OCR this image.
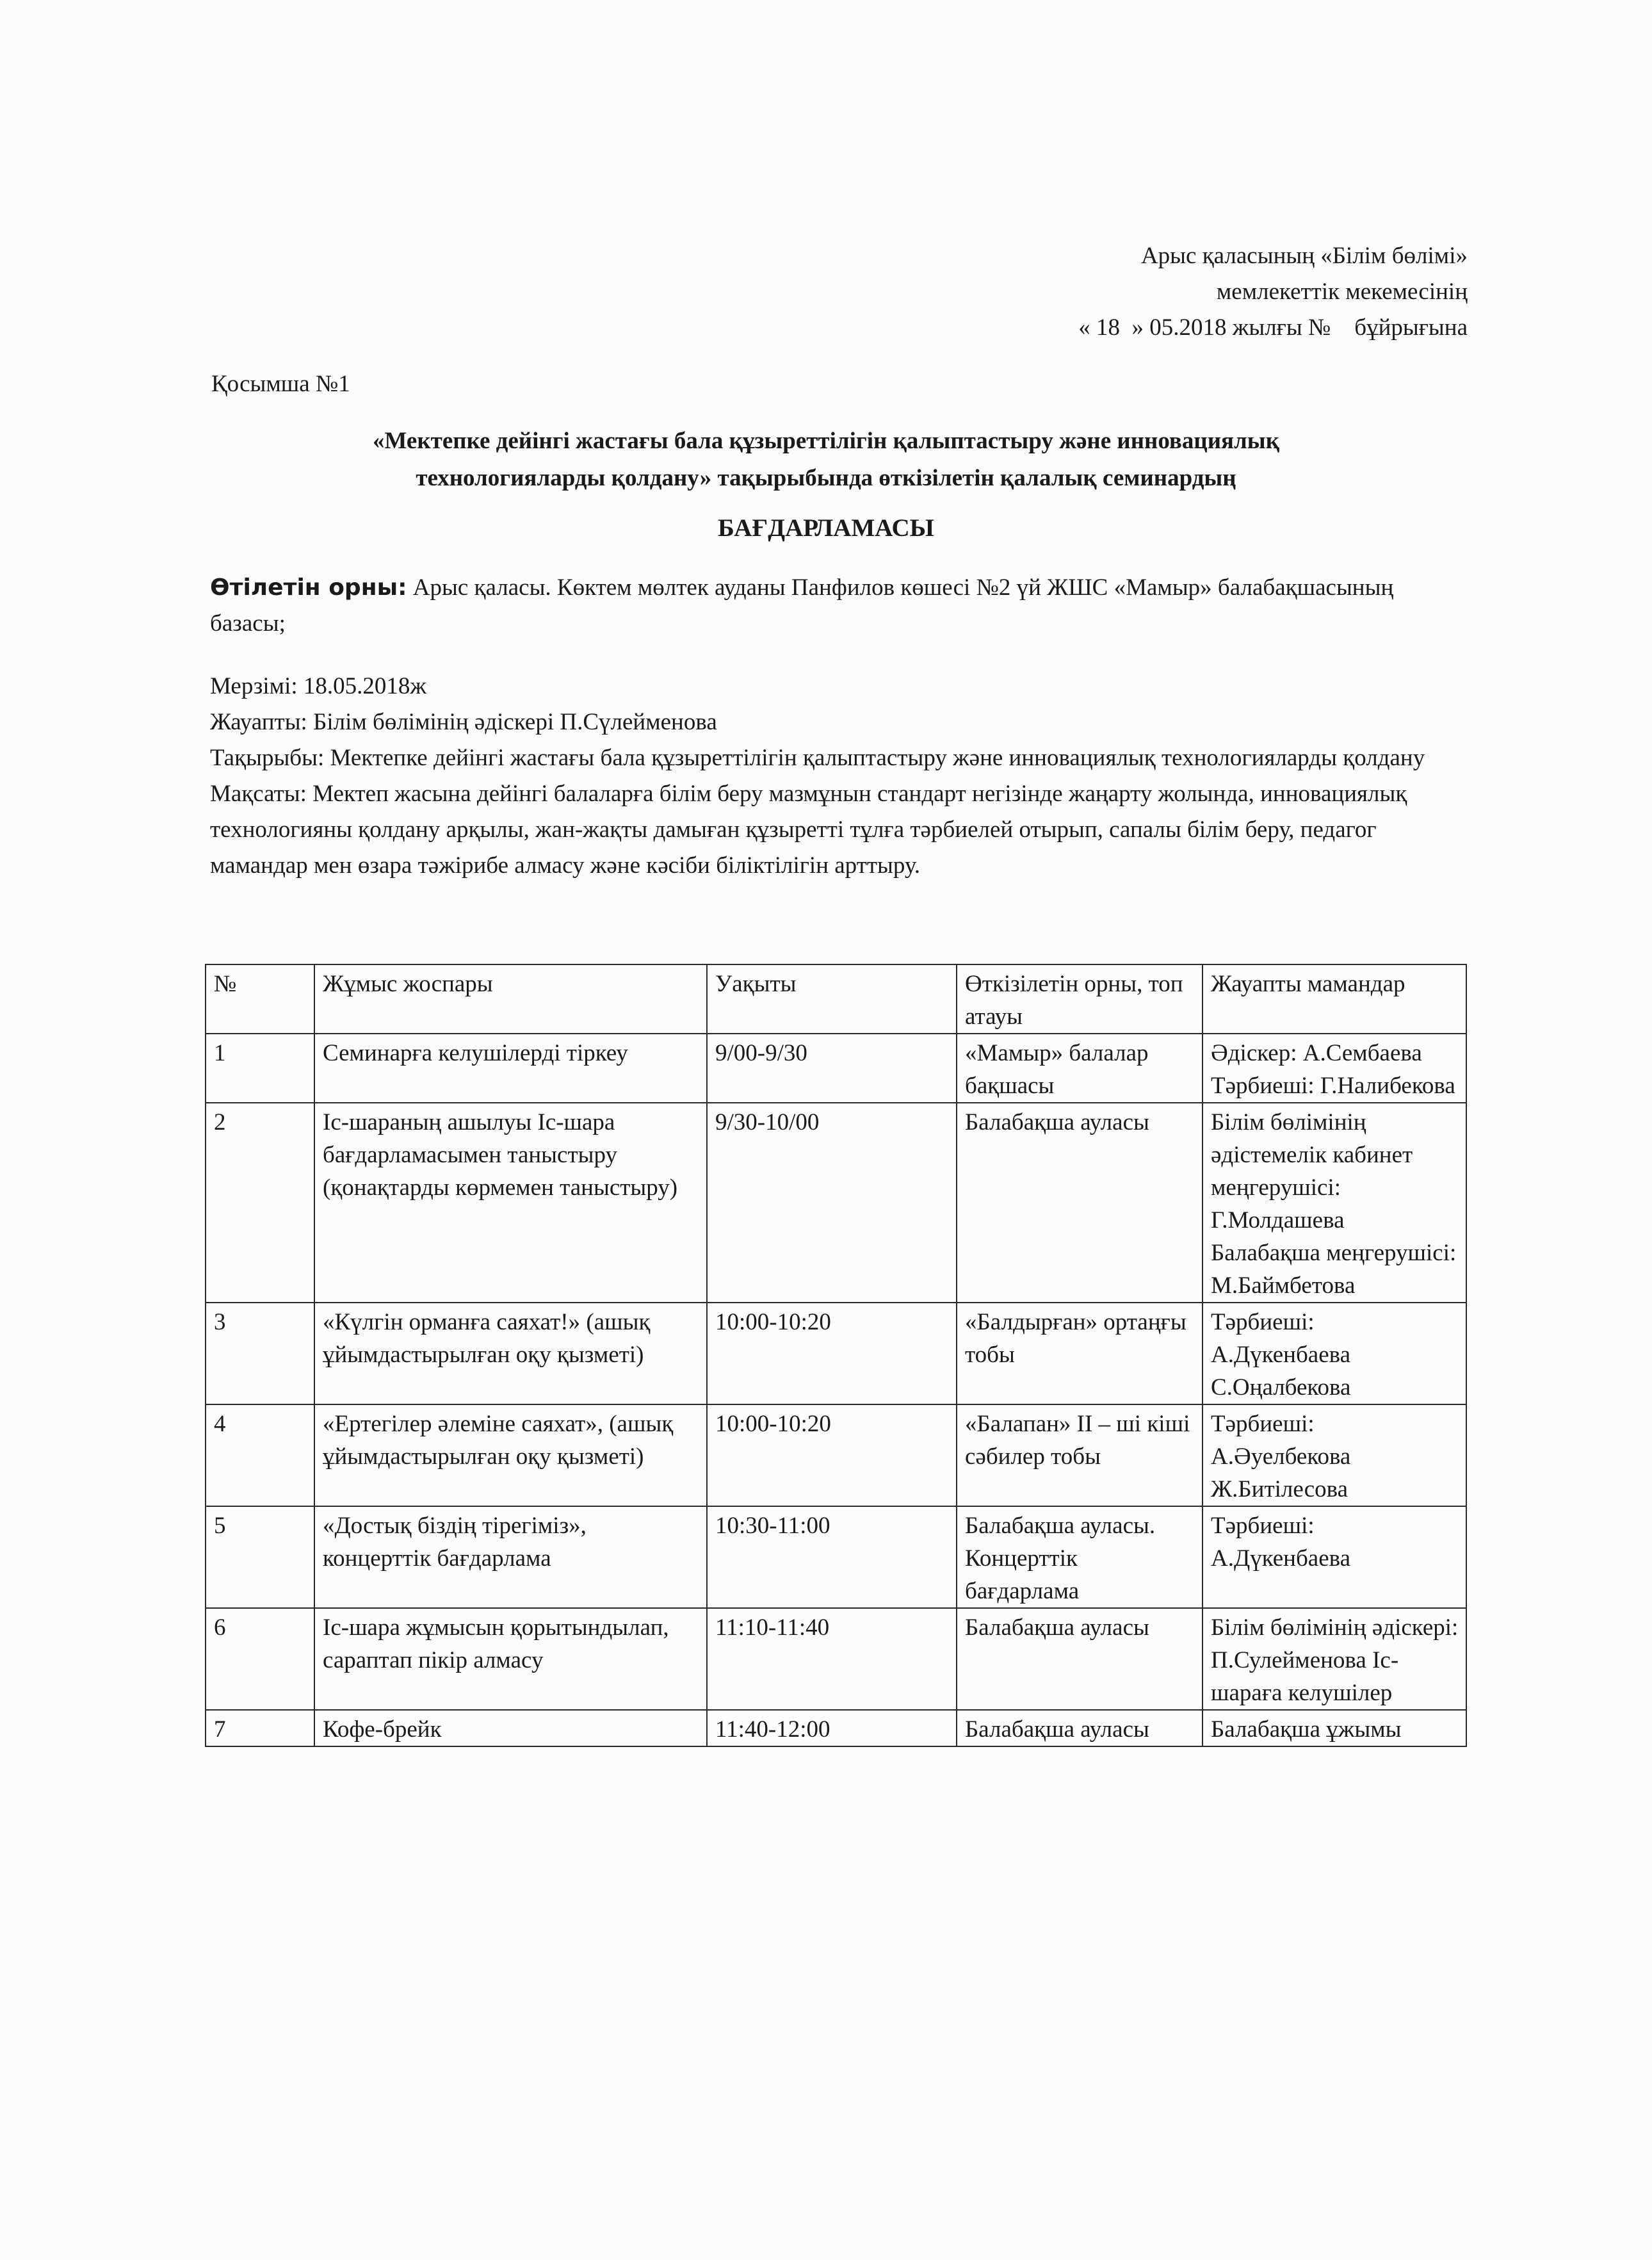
Арыс қаласының «Білім бөлімі»
мемлекеттік мекемесінің
« 18  » 05.2018 жылғы №    бұйрығына
Қосымша №1
«Мектепке дейінгі жастағы бала құзыреттілігін қалыптастыру және инновациялық
технологияларды қолдану» тақырыбында өткізілетін қалалық семинардың
БАҒДАРЛАМАСЫ

Өтілетін орны: Арыс қаласы. Көктем мөлтек ауданы Панфилов көшесі №2 үй ЖШС «Мамыр» балабақшасының базасы;

Мерзімі: 18.05.2018ж

Жауапты: Білім бөлімінің әдіскері П.Сүлейменова

Тақырыбы: Мектепке дейінгі жастағы бала құзыреттілігін қалыптастыру және инновациялық технологияларды қолдану

Мақсаты: Мектеп жасына дейінгі балаларға білім беру мазмұнын стандарт негізінде жаңарту жолында, инновациялық технологияны қолдану арқылы, жан-жақты дамыған құзыретті тұлға тәрбиелей отырып, сапалы білім беру, педагог мамандар мен өзара тәжірибе алмасу және кәсіби біліктілігін арттыру.

№	Жұмыс жоспары	Уақыты	Өткізілетін орны, топ атауы	Жауапты мамандар
1	Семинарға келушілерді тіркеу	9/00-9/30	«Мамыр» балалар бақшасы	Әдіскер: А.Сембаева Тәрбиеші: Г.Налибекова
2	Іс-шараның ашылуы Іс-шара бағдарламасымен таныстыру (қонақтарды көрмемен таныстыру)	9/30-10/00	Балабақша ауласы	Білім бөлімінің әдістемелік кабинет меңгерушісі: Г.Молдашева Балабақша меңгерушісі: М.Баймбетова
3	«Күлгін орманға саяхат!» (ашық ұйымдастырылған оқу қызметі)	10:00-10:20	«Балдырған» ортаңғы тобы	Тәрбиеші: А.Дүкенбаева С.Оңалбекова
4	«Ертегілер әлеміне саяхат», (ашық ұйымдастырылған оқу қызметі)	10:00-10:20	«Балапан» ІІ – ші кіші сәбилер тобы	Тәрбиеші: А.Әуелбекова Ж.Битілесова
5	«Достық біздің тірегіміз», концерттік бағдарлама	10:30-11:00	Балабақша ауласы. Концерттік бағдарлама	Тәрбиеші: А.Дүкенбаева
6	Іс-шара жұмысын қорытындылап, сараптап пікір алмасу	11:10-11:40	Балабақша ауласы	Білім бөлімінің әдіскері: П.Сулейменова Іс-шараға келушілер
7	Кофе-брейк	11:40-12:00	Балабақша ауласы	Балабақша ұжымы
